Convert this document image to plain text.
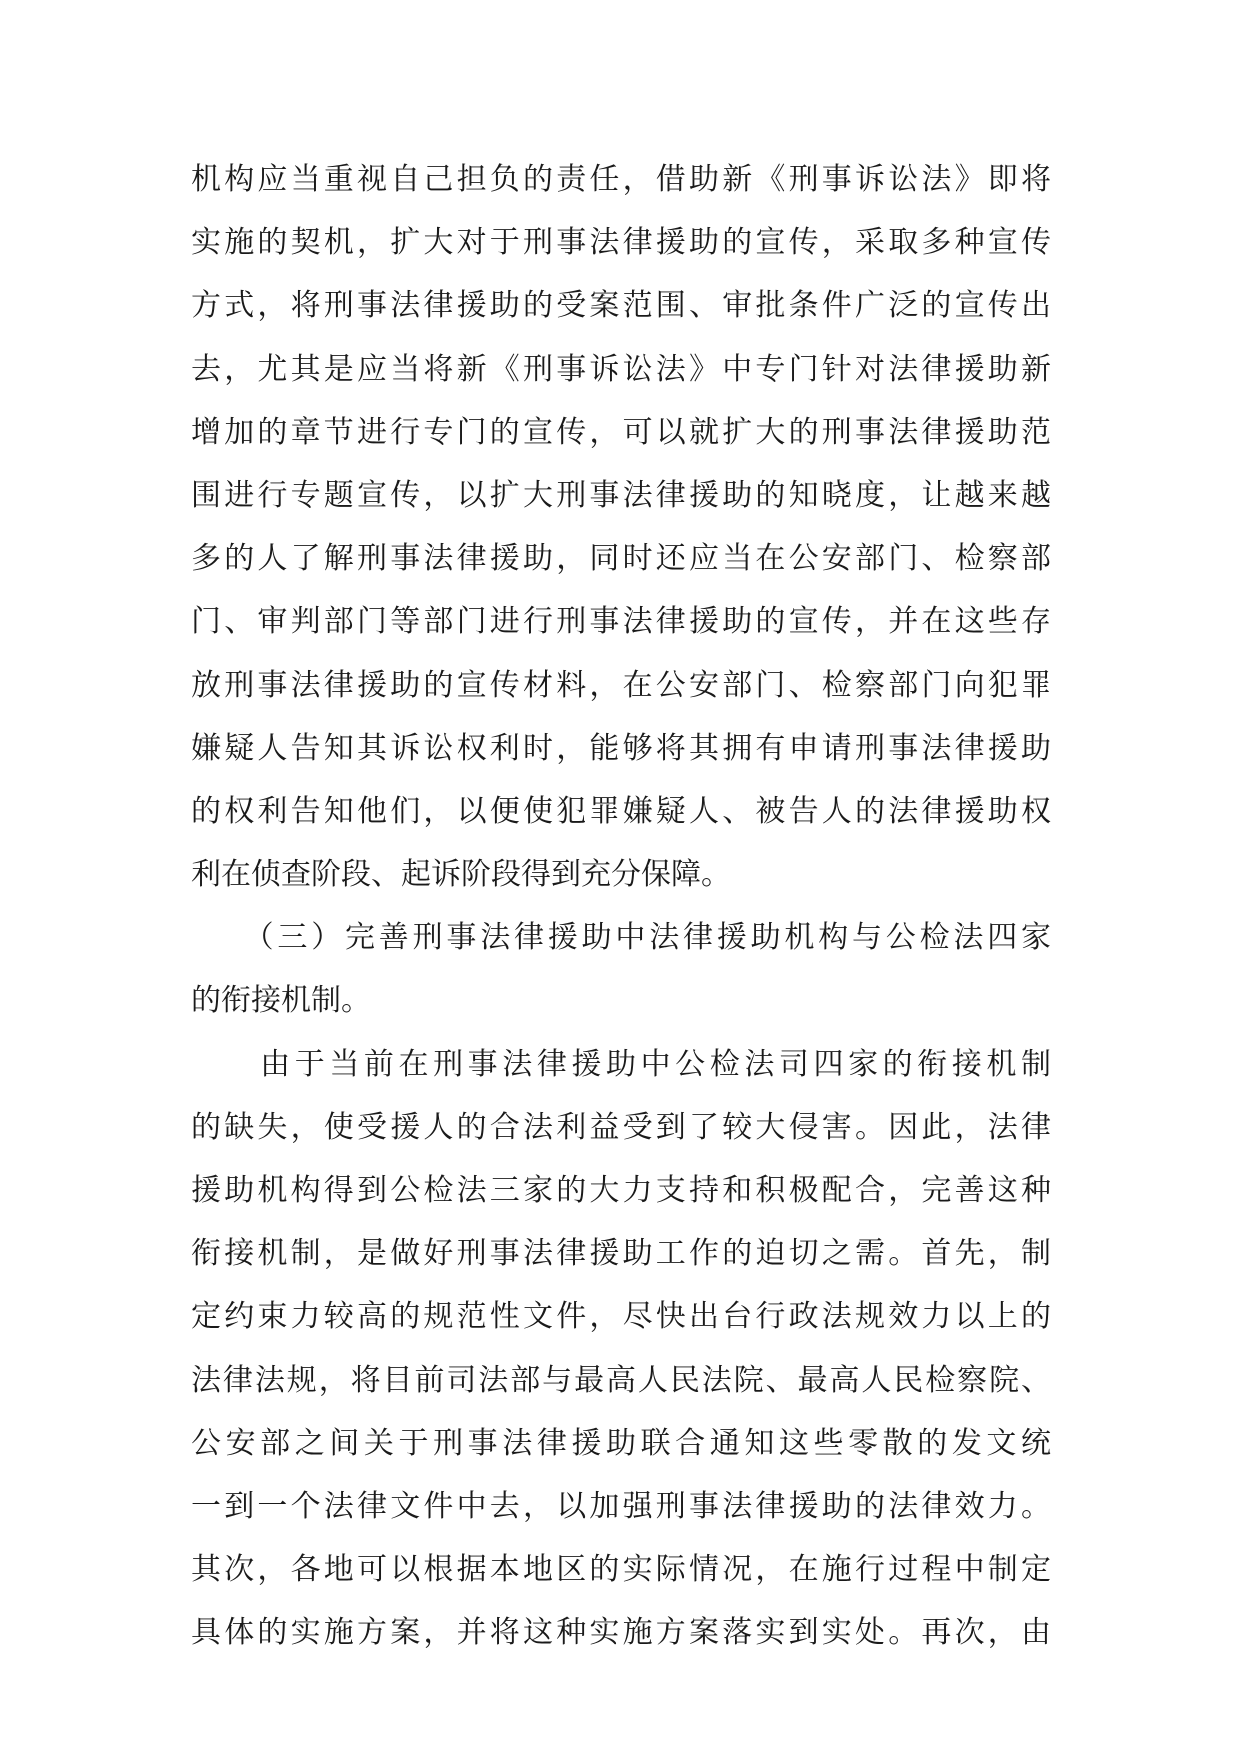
机构应当重视自己担负的责任，借助新《刑事诉讼法》即将
实施的契机，扩大对于刑事法律援助的宣传，采取多种宣传
方式，将刑事法律援助的受案范围、审批条件广泛的宣传出
去，尤其是应当将新《刑事诉讼法》中专门针对法律援助新
增加的章节进行专门的宣传，可以就扩大的刑事法律援助范
围进行专题宣传，以扩大刑事法律援助的知晓度，让越来越
多的人了解刑事法律援助，同时还应当在公安部门、检察部
门、审判部门等部门进行刑事法律援助的宣传，并在这些存
放刑事法律援助的宣传材料，在公安部门、检察部门向犯罪
嫌疑人告知其诉讼权利时，能够将其拥有申请刑事法律援助
的权利告知他们，以便使犯罪嫌疑人、被告人的法律援助权
利在侦查阶段、起诉阶段得到充分保障。
　　（三）完善刑事法律援助中法律援助机构与公检法四家
的衔接机制。
　　由于当前在刑事法律援助中公检法司四家的衔接机制
的缺失，使受援人的合法利益受到了较大侵害。因此，法律
援助机构得到公检法三家的大力支持和积极配合，完善这种
衔接机制，是做好刑事法律援助工作的迫切之需。首先，制
定约束力较高的规范性文件，尽快出台行政法规效力以上的
法律法规，将目前司法部与最高人民法院、最高人民检察院、
公安部之间关于刑事法律援助联合通知这些零散的发文统
一到一个法律文件中去，以加强刑事法律援助的法律效力。
其次，各地可以根据本地区的实际情况，在施行过程中制定
具体的实施方案，并将这种实施方案落实到实处。再次，由
